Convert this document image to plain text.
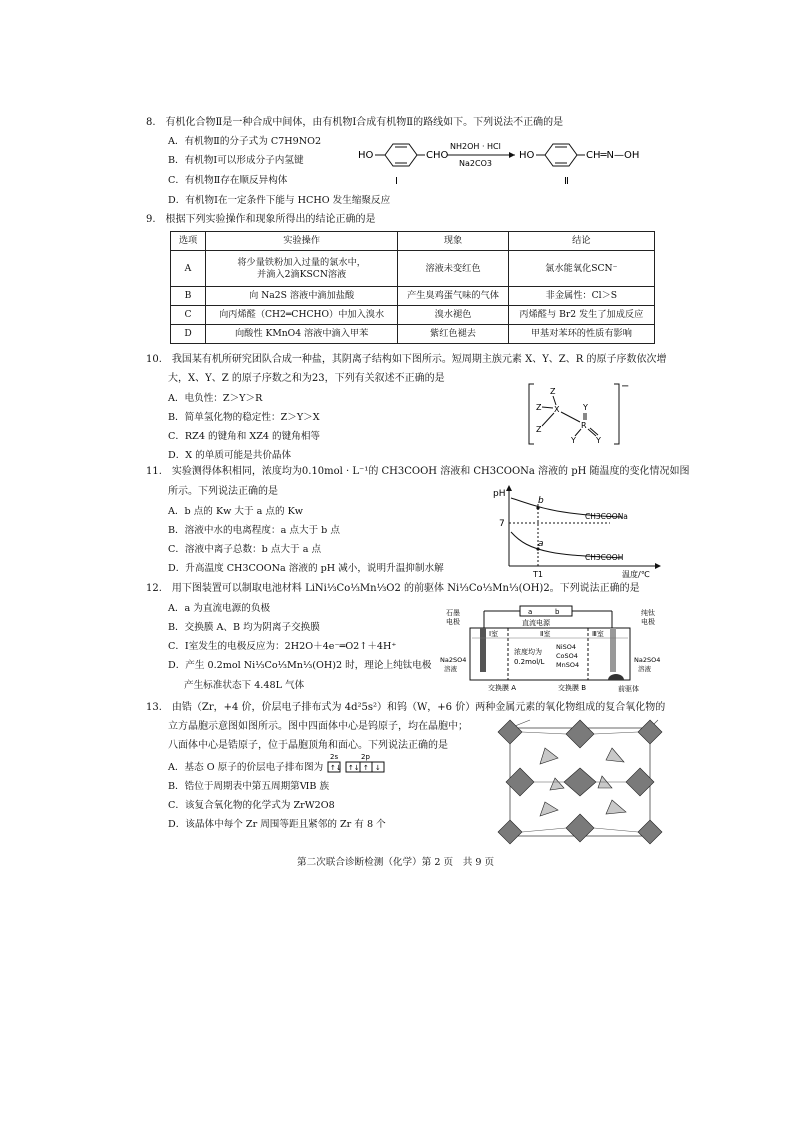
8.　有机化合物Ⅱ是一种合成中间体，由有机物Ⅰ合成有机物Ⅱ的路线如下。下列说法不正确的是
A．有机物Ⅱ的分子式为 C7H9NO2
B．有机物Ⅰ可以形成分子内氢键
C．有机物Ⅱ存在顺反异构体
D．有机物Ⅰ在一定条件下能与 HCHO 发生缩聚反应
HO	CHO
NH2OH · HCl
Na2CO3
HO	CH═N—OH
Ⅰ	Ⅱ
9.　根据下列实验操作和现象所得出的结论正确的是
选项	实验操作	现象	结论
A	将少量铁粉加入过量的氯水中，
并滴入2滴KSCN溶液	溶液未变红色	氯水能氧化SCN⁻
B	向 Na2S 溶液中滴加盐酸	产生臭鸡蛋气味的气体	非金属性：Cl＞S
C	向丙烯醛（CH2═CHCHO）中加入溴水	溴水褪色	丙烯醛与 Br2 发生了加成反应
D	向酸性 KMnO4 溶液中滴入甲苯	紫红色褪去	甲基对苯环的性质有影响
10.　我国某有机所研究团队合成一种盐，其阴离子结构如下图所示。短周期主族元素 X、Y、Z、R 的原子序数依次增
大，X、Y、Z 的原子序数之和为23，下列有关叙述不正确的是
A．电负性：Z＞Y＞R
B．简单氢化物的稳定性：Z＞Y＞X
C．RZ4 的键角和 XZ4 的键角相等
D．X 的单质可能是共价晶体
−
Z
Z
Z
X	Y
R
Y	Y
11.　实验测得体积相同，浓度均为0.10mol · L⁻¹的 CH3COOH 溶液和 CH3COONa 溶液的 pH 随温度的变化情况如图
所示。下列说法正确的是
A．b 点的 Kw 大于 a 点的 Kw
B．溶液中水的电离程度：a 点大于 b 点
C．溶液中离子总数：b 点大于 a 点
D．升高温度 CH3COONa 溶液的 pH 减小，说明升温抑制水解
pH
7
b
a
CH3COONa
CH3COOH
T1	温度/℃
12.　用下图装置可以制取电池材料 LiNi⅓Co⅓Mn⅓O2 的前驱体 Ni⅓Co⅓Mn⅓(OH)2。下列说法正确的是
A．a 为直流电源的负极
B．交换膜 A、B 均为阴离子交换膜
C．Ⅰ室发生的电极反应为：2H2O＋4e⁻═O2↑＋4H⁺
D．产生 0.2mol Ni⅓Co⅓Mn⅓(OH)2 时，理论上纯钛电极
产生标准状态下 4.48L 气体
石墨
电极
纯钛
电极
a	b
直流电源
Ⅰ室	Ⅱ室	Ⅲ室
浓度均为
0.2mol/L
NiSO4
CoSO4
MnSO4
Na2SO4
溶液
Na2SO4
溶液
交换膜 A	交换膜 B	前驱体
13.　由锆（Zr，+4 价，价层电子排布式为 4d²5s²）和钨（W，+6 价）两种金属元素的氧化物组成的复合氧化物的
立方晶胞示意图如图所示。图中四面体中心是钨原子，均在晶胞中；
八面体中心是锆原子，位于晶胞顶角和面心。下列说法正确的是
A．基态 O 原子的价层电子排布图为
2s	2p
↑↓ ↑↓ ↑ ↓
B．锆位于周期表中第五周期第ⅥB 族
C．该复合氧化物的化学式为 ZrW2O8
D．该晶体中每个 Zr 周围等距且紧邻的 Zr 有 8 个
第二次联合诊断检测（化学）第 2 页　共 9 页
